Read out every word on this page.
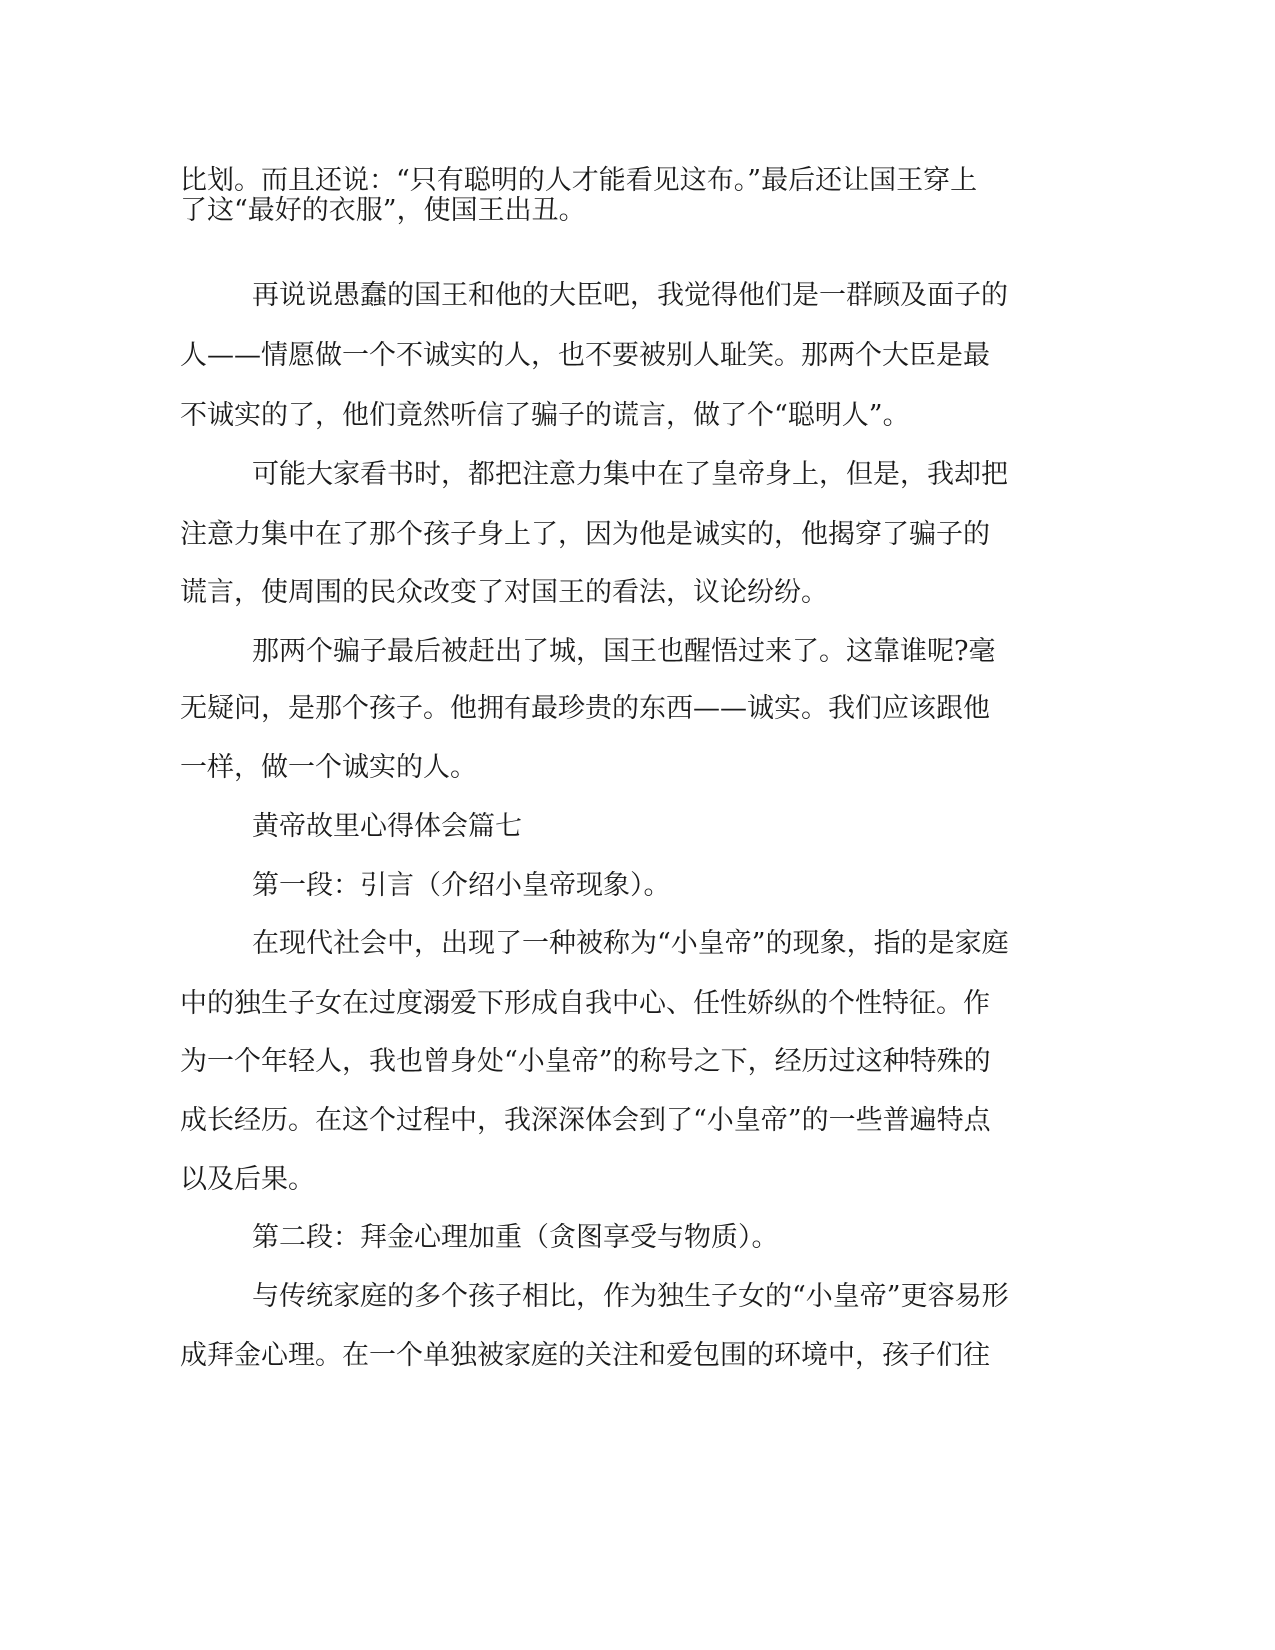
比划。而且还说：“只有聪明的人才能看见这布。”最后还让国王穿上
了这“最好的衣服”，使国王出丑。
再说说愚蠢的国王和他的大臣吧，我觉得他们是一群顾及面子的
人——情愿做一个不诚实的人，也不要被别人耻笑。那两个大臣是最
不诚实的了，他们竟然听信了骗子的谎言，做了个“聪明人”。
可能大家看书时，都把注意力集中在了皇帝身上，但是，我却把
注意力集中在了那个孩子身上了，因为他是诚实的，他揭穿了骗子的
谎言，使周围的民众改变了对国王的看法，议论纷纷。
那两个骗子最后被赶出了城，国王也醒悟过来了。这靠谁呢?毫
无疑问，是那个孩子。他拥有最珍贵的东西——诚实。我们应该跟他
一样，做一个诚实的人。
黄帝故里心得体会篇七
第一段：引言（介绍小皇帝现象）。
在现代社会中，出现了一种被称为“小皇帝”的现象，指的是家庭
中的独生子女在过度溺爱下形成自我中心、任性娇纵的个性特征。作
为一个年轻人，我也曾身处“小皇帝”的称号之下，经历过这种特殊的
成长经历。在这个过程中，我深深体会到了“小皇帝”的一些普遍特点
以及后果。
第二段：拜金心理加重（贪图享受与物质）。
与传统家庭的多个孩子相比，作为独生子女的“小皇帝”更容易形
成拜金心理。在一个单独被家庭的关注和爱包围的环境中，孩子们往
